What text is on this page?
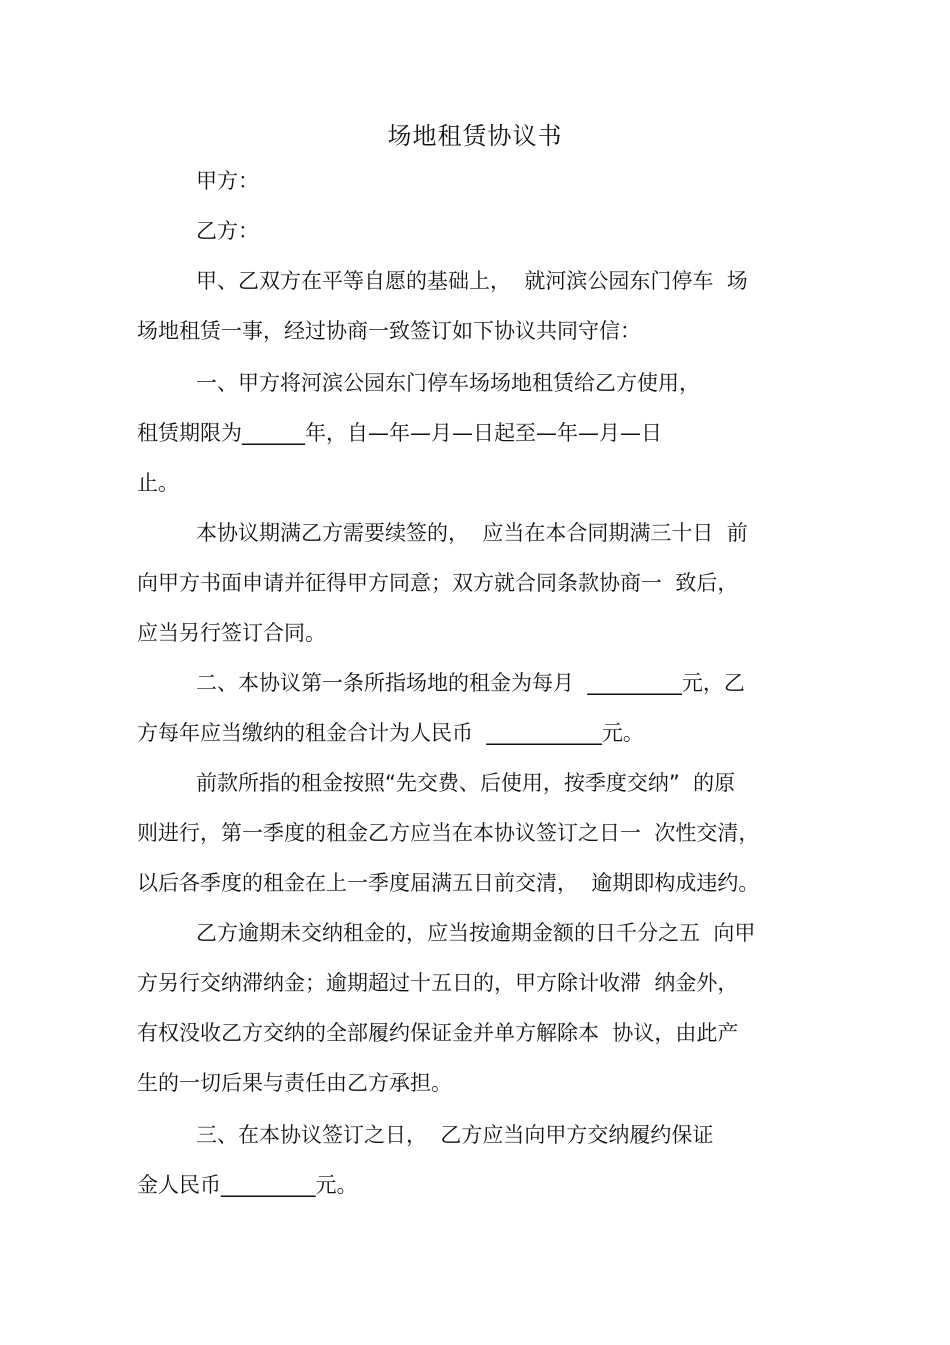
场地租赁协议书
甲方：
乙方：
甲、乙双方在平等自愿的基础上，  就河滨公园东门停车  场
场地租赁一事，经过协商一致签订如下协议共同守信：
一、甲方将河滨公园东门停车场场地租赁给乙方使用，
租赁期限为______年，自—年—月—日起至—年—月—日
止。
本协议期满乙方需要续签的，  应当在本合同期满三十日  前
向甲方书面申请并征得甲方同意；双方就合同条款协商一  致后，
应当另行签订合同。
二、本协议第一条所指场地的租金为每月  _________元，乙
方每年应当缴纳的租金合计为人民币  ___________元。
前款所指的租金按照“先交费、后使用，按季度交纳”  的原
则进行，第一季度的租金乙方应当在本协议签订之日一  次性交清，
以后各季度的租金在上一季度届满五日前交清，  逾期即构成违约。
乙方逾期未交纳租金的，应当按逾期金额的日千分之五  向甲
方另行交纳滞纳金；逾期超过十五日的，甲方除计收滞  纳金外，
有权没收乙方交纳的全部履约保证金并单方解除本  协议，由此产
生的一切后果与责任由乙方承担。
三、在本协议签订之日，  乙方应当向甲方交纳履约保证
金人民币_________元。
